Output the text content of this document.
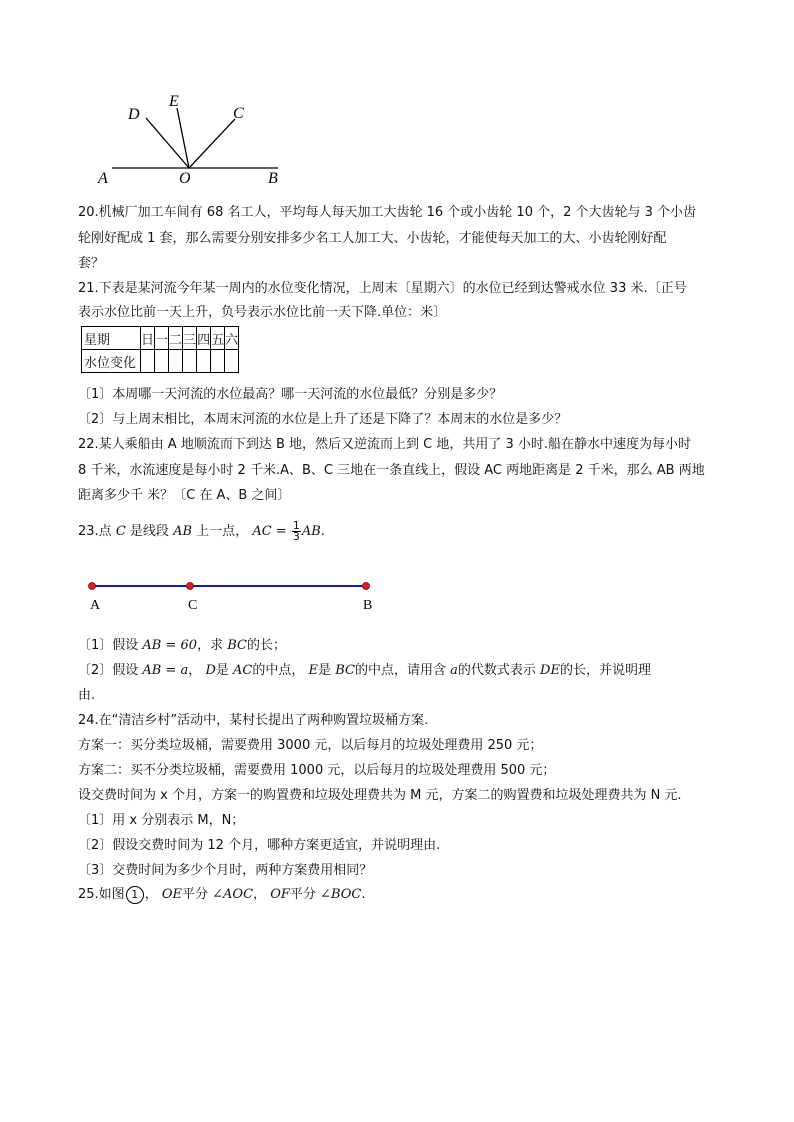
A	O	B
D
E
C
20.机械厂加工车间有 68 名工人，平均每人每天加工大齿轮 16 个或小齿轮 10 个，2 个大齿轮与 3 个小齿
轮刚好配成 1 套，那么需要分别安排多少名工人加工大、小齿轮，才能使每天加工的大、小齿轮刚好配
套？
21.下表是某河流今年某一周内的水位变化情况，上周末〔星期六〕的水位已经到达警戒水位 33 米.〔正号
表示水位比前一天上升，负号表示水位比前一天下降.单位：米〕
星期	日	一	二	三	四	五	六
水位变化							
〔1〕本周哪一天河流的水位最高？哪一天河流的水位最低？分别是多少？
〔2〕与上周末相比，本周末河流的水位是上升了还是下降了？本周末的水位是多少？
22.某人乘船由 A 地顺流而下到达 B 地，然后又逆流而上到 C 地，共用了 3 小时.船在静水中速度为每小时
8 千米，水流速度是每小时 2 千米.A、B、C 三地在一条直线上，假设 AC 两地距离是 2 千米，那么 AB 两地
距离多少千 米？〔C 在 A、B 之间〕
23.点 C 是线段 AB 上一点， AC = $\frac{1}{3}$ AB.
A	C	B
〔1〕假设 AB = 60，求 BC的长；
〔2〕假设 AB = a， D是 AC的中点， E是 BC的中点，请用含 a的代数式表示 DE的长，并说明理
由.
24.在“清洁乡村”活动中，某村长提出了两种购置垃圾桶方案.
方案一：买分类垃圾桶，需要费用 3000 元，以后每月的垃圾处理费用 250 元；
方案二：买不分类垃圾桶，需要费用 1000 元，以后每月的垃圾处理费用 500 元；
设交费时间为 x 个月，方案一的购置费和垃圾处理费共为 M 元，方案二的购置费和垃圾处理费共为 N 元.
〔1〕用 x 分别表示 M，N；
〔2〕假设交费时间为 12 个月，哪种方案更适宜，并说明理由.
〔3〕交费时间为多少个月时，两种方案费用相同？
25.如图 1 ， OE平分 ∠AOC， OF平分 ∠BOC.
